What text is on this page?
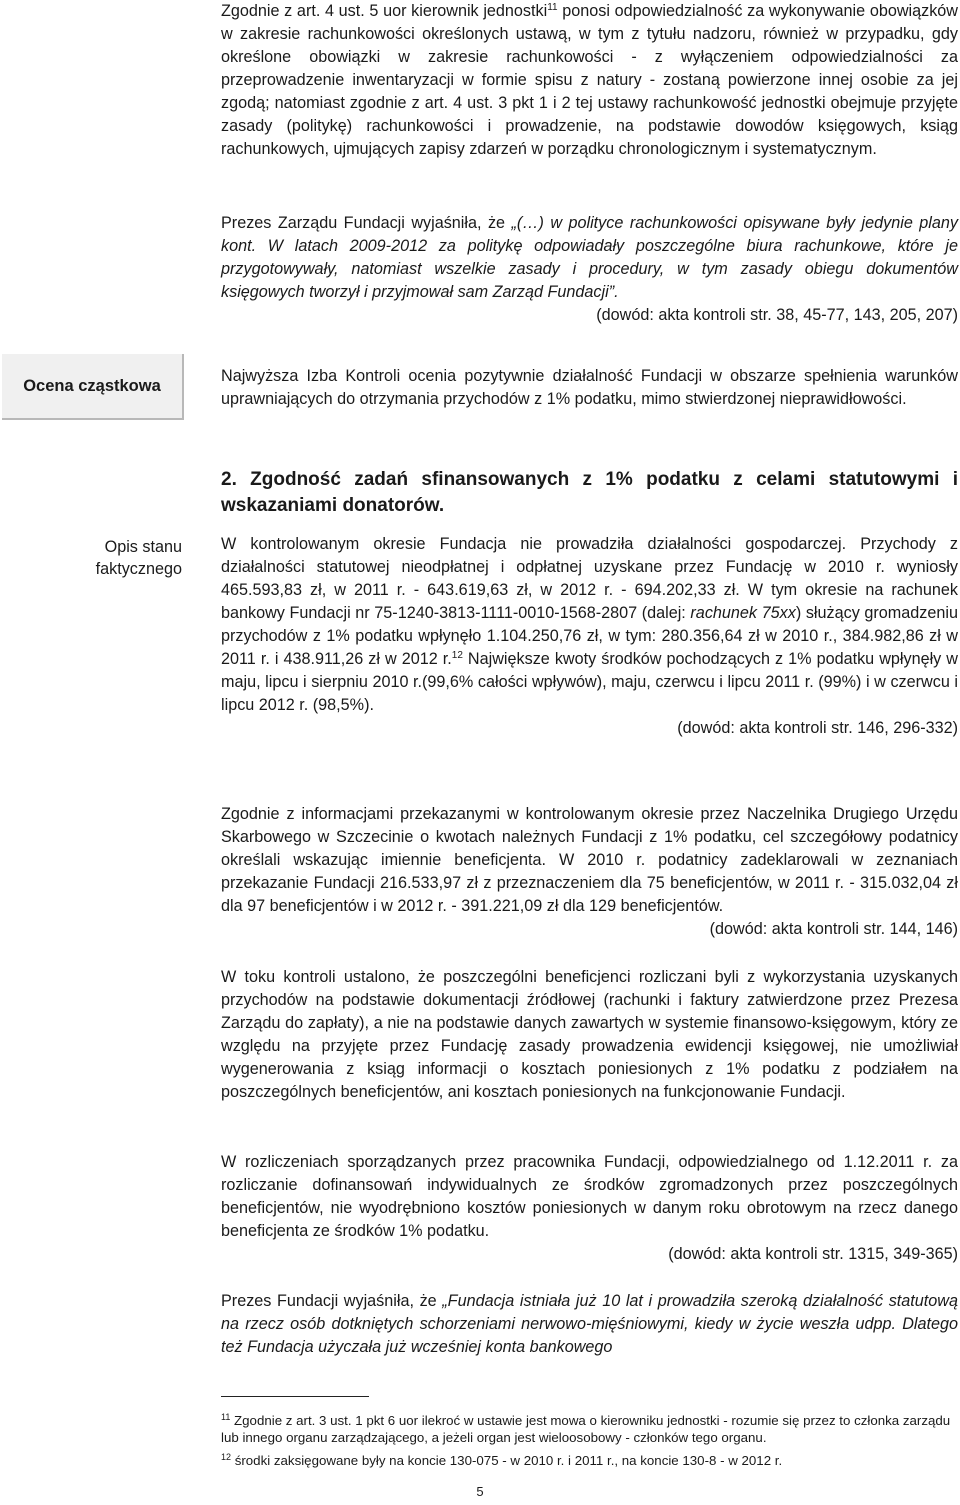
Zgodnie z art. 4 ust. 5 uor kierownik jednostki$^{11}$ ponosi odpowiedzialność za wykonywanie obowiązków w zakresie rachunkowości określonych ustawą, w tym z tytułu nadzoru, również w przypadku, gdy określone obowiązki w zakresie rachunkowości - z wyłączeniem odpowiedzialności za przeprowadzenie inwentaryzacji w formie spisu z natury - zostaną powierzone innej osobie za jej zgodą; natomiast zgodnie z art. 4 ust. 3 pkt 1 i 2 tej ustawy rachunkowość jednostki obejmuje przyjęte zasady (politykę) rachunkowości i prowadzenie, na podstawie dowodów księgowych, ksiąg rachunkowych, ujmujących zapisy zdarzeń w porządku chronologicznym i systematycznym.

Prezes Zarządu Fundacji wyjaśniła, że „(…) w polityce rachunkowości opisywane były jedynie plany kont. W latach 2009-2012 za politykę odpowiadały poszczególne biura rachunkowe, które je przygotowywały, natomiast wszelkie zasady i procedury, w tym zasady obiegu dokumentów księgowych tworzył i przyjmował sam Zarząd Fundacji”.

(dowód: akta kontroli str. 38, 45-77, 143, 205, 207)

Ocena cząstkowa

Najwyższa Izba Kontroli ocenia pozytywnie działalność Fundacji w obszarze spełnienia warunków uprawniających do otrzymania przychodów z 1% podatku, mimo stwierdzonej nieprawidłowości.

2. Zgodność zadań sfinansowanych z 1% podatku z celami statutowymi i wskazaniami donatorów.

Opis stanu faktycznego

W kontrolowanym okresie Fundacja nie prowadziła działalności gospodarczej. Przychody z działalności statutowej nieodpłatnej i odpłatnej uzyskane przez Fundację w 2010 r. wyniosły 465.593,83 zł, w 2011 r. - 643.619,63 zł, w 2012 r. - 694.202,33 zł. W tym okresie na rachunek bankowy Fundacji nr 75-1240-3813-1111-0010-1568-2807 (dalej: rachunek 75xx) służący gromadzeniu przychodów z 1% podatku wpłynęło 1.104.250,76 zł, w tym: 280.356,64 zł w 2010 r., 384.982,86 zł w 2011 r. i 438.911,26 zł w 2012 r.$^{12}$ Największe kwoty środków pochodzących z 1% podatku wpłynęły w maju, lipcu i sierpniu 2010 r.(99,6% całości wpływów), maju, czerwcu i lipcu 2011 r. (99%) i w czerwcu i lipcu 2012 r. (98,5%).

(dowód: akta kontroli str. 146, 296-332)

Zgodnie z informacjami przekazanymi w kontrolowanym okresie przez Naczelnika Drugiego Urzędu Skarbowego w Szczecinie o kwotach należnych Fundacji z 1% podatku, cel szczegółowy podatnicy określali wskazując imiennie beneficjenta. W 2010 r. podatnicy zadeklarowali w zeznaniach przekazanie Fundacji 216.533,97 zł z przeznaczeniem dla 75 beneficjentów, w 2011 r. - 315.032,04 zł dla 97 beneficjentów i w 2012 r. - 391.221,09 zł dla 129 beneficjentów.

(dowód: akta kontroli str. 144, 146)

W toku kontroli ustalono, że poszczególni beneficjenci rozliczani byli z wykorzystania uzyskanych przychodów na podstawie dokumentacji źródłowej (rachunki i faktury zatwierdzone przez Prezesa Zarządu do zapłaty), a nie na podstawie danych zawartych w systemie finansowo-księgowym, który ze względu na przyjęte przez Fundację zasady prowadzenia ewidencji księgowej, nie umożliwiał wygenerowania z ksiąg informacji o kosztach poniesionych z 1% podatku z podziałem na poszczególnych beneficjentów, ani kosztach poniesionych na funkcjonowanie Fundacji.

W rozliczeniach sporządzanych przez pracownika Fundacji, odpowiedzialnego od 1.12.2011 r. za rozliczanie dofinansowań indywidualnych ze środków zgromadzonych przez poszczególnych beneficjentów, nie wyodrębniono kosztów poniesionych w danym roku obrotowym na rzecz danego beneficjenta ze środków 1% podatku.

(dowód: akta kontroli str. 1315, 349-365)

Prezes Fundacji wyjaśniła, że „Fundacja istniała już 10 lat i prowadziła szeroką działalność statutową na rzecz osób dotkniętych schorzeniami nerwowo-mięśniowymi, kiedy w życie weszła udpp. Dlatego też Fundacja użyczała już wcześniej konta bankowego

$^{11}$ Zgodnie z art. 3 ust. 1 pkt 6 uor ilekroć w ustawie jest mowa o kierowniku jednostki - rozumie się przez to członka zarządu lub innego organu zarządzającego, a jeżeli organ jest wieloosobowy - członków tego organu.
$^{12}$ środki zaksięgowane były na koncie 130-075 - w 2010 r. i 2011 r., na koncie 130-8 - w 2012 r.
5
